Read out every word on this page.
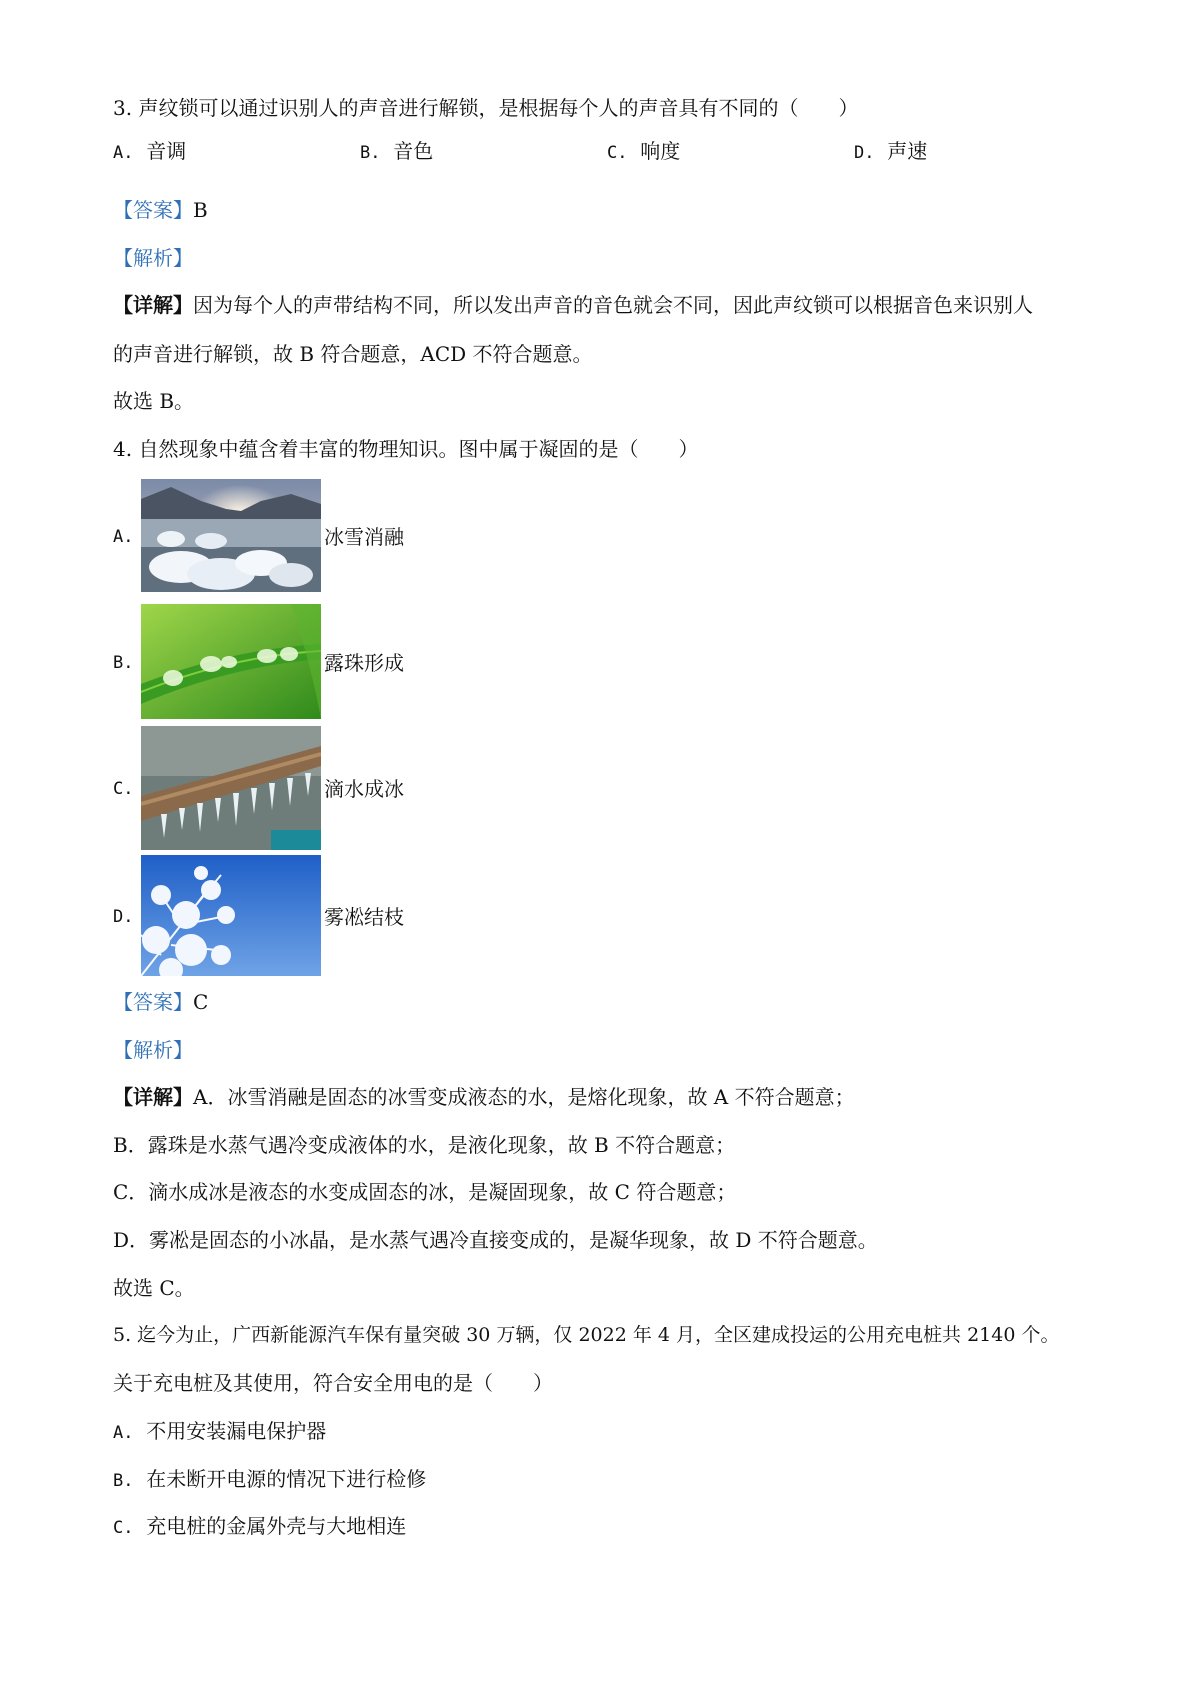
3. 声纹锁可以通过识别人的声音进行解锁，是根据每个人的声音具有不同的（　　）
A. 音调	B. 音色	C. 响度	D. 声速
【答案】B
【解析】
【详解】因为每个人的声带结构不同，所以发出声音的音色就会不同，因此声纹锁可以根据音色来识别人
的声音进行解锁，故 B 符合题意，ACD 不符合题意。
故选 B。
4. 自然现象中蕴含着丰富的物理知识。图中属于凝固的是（　　）
A.	冰雪消融
B.	露珠形成
C.	滴水成冰
D.	雾凇结枝
【答案】C
【解析】
【详解】A．冰雪消融是固态的冰雪变成液态的水，是熔化现象，故 A 不符合题意；
B．露珠是水蒸气遇冷变成液体的水，是液化现象，故 B 不符合题意；
C．滴水成冰是液态的水变成固态的冰，是凝固现象，故 C 符合题意；
D．雾凇是固态的小冰晶，是水蒸气遇冷直接变成的，是凝华现象，故 D 不符合题意。
故选 C。
5. 迄今为止，广西新能源汽车保有量突破 30 万辆，仅 2022 年 4 月，全区建成投运的公用充电桩共 2140 个。
关于充电桩及其使用，符合安全用电的是（　　）
A. 不用安装漏电保护器
B. 在未断开电源的情况下进行检修
C. 充电桩的金属外壳与大地相连
